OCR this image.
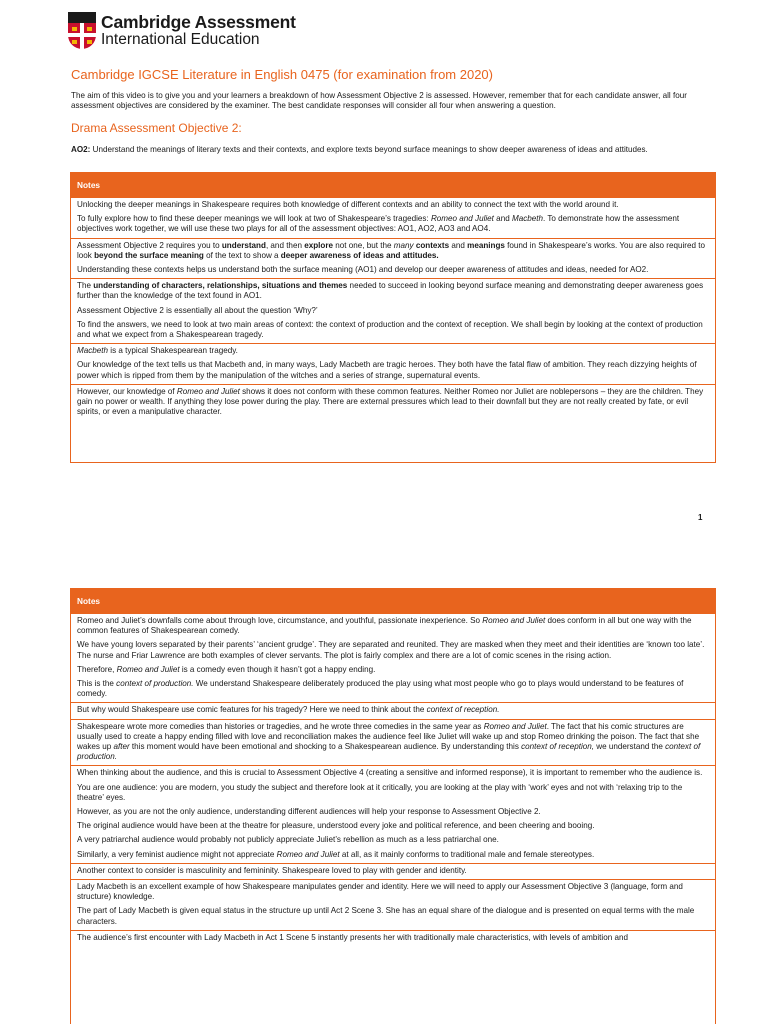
Cambridge Assessment
International Education
Cambridge IGCSE Literature in English 0475 (for examination from 2020)
The aim of this video is to give you and your learners a breakdown of how Assessment Objective 2 is assessed. However, remember that for each candidate answer, all four assessment objectives are considered by the examiner. The best candidate responses will consider all four when answering a question.
Drama Assessment Objective 2:
AO2: Understand the meanings of literary texts and their contexts, and explore texts beyond surface meanings to show deeper awareness of ideas and attitudes.
Notes

Unlocking the deeper meanings in Shakespeare requires both knowledge of different contexts and an ability to connect the text with the world around it.

To fully explore how to find these deeper meanings we will look at two of Shakespeare’s tragedies: Romeo and Juliet and Macbeth. To demonstrate how the assessment objectives work together, we will use these two plays for all of the assessment objectives: AO1, AO2, AO3 and AO4.

Assessment Objective 2 requires you to understand, and then explore not one, but the many contexts and meanings found in Shakespeare’s works. You are also required to look beyond the surface meaning of the text to show a deeper awareness of ideas and attitudes.

Understanding these contexts helps us understand both the surface meaning (AO1) and develop our deeper awareness of attitudes and ideas, needed for AO2.

The understanding of characters, relationships, situations and themes needed to succeed in looking beyond surface meaning and demonstrating deeper awareness goes further than the knowledge of the text found in AO1.

Assessment Objective 2 is essentially all about the question ‘Why?’

To find the answers, we need to look at two main areas of context: the context of production and the context of reception. We shall begin by looking at the context of production and what we expect from a Shakespearean tragedy.

Macbeth is a typical Shakespearean tragedy.

Our knowledge of the text tells us that Macbeth and, in many ways, Lady Macbeth are tragic heroes. They both have the fatal flaw of ambition. They reach dizzying heights of power which is ripped from them by the manipulation of the witches and a series of strange, supernatural events.

However, our knowledge of Romeo and Juliet shows it does not conform with these common features. Neither Romeo nor Juliet are noblepersons – they are the children. They gain no power or wealth. If anything they lose power during the play. There are external pressures which lead to their downfall but they are not really created by fate, or evil spirits, or even a manipulative character.

1
Notes

Romeo and Juliet’s downfalls come about through love, circumstance, and youthful, passionate inexperience. So Romeo and Juliet does conform in all but one way with the common features of Shakespearean comedy.

We have young lovers separated by their parents’ ‘ancient grudge’. They are separated and reunited. They are masked when they meet and their identities are ‘known too late’. The nurse and Friar Lawrence are both examples of clever servants. The plot is fairly complex and there are a lot of comic scenes in the rising action.

Therefore, Romeo and Juliet is a comedy even though it hasn’t got a happy ending.

This is the context of production. We understand Shakespeare deliberately produced the play using what most people who go to plays would understand to be features of comedy.

But why would Shakespeare use comic features for his tragedy? Here we need to think about the context of reception.

Shakespeare wrote more comedies than histories or tragedies, and he wrote three comedies in the same year as Romeo and Juliet. The fact that his comic structures are usually used to create a happy ending filled with love and reconciliation makes the audience feel like Juliet will wake up and stop Romeo drinking the poison. The fact that she wakes up after this moment would have been emotional and shocking to a Shakespearean audience. By understanding this context of reception, we understand the context of production.

When thinking about the audience, and this is crucial to Assessment Objective 4 (creating a sensitive and informed response), it is important to remember who the audience is.

You are one audience: you are modern, you study the subject and therefore look at it critically, you are looking at the play with ‘work’ eyes and not with ‘relaxing trip to the theatre’ eyes.

However, as you are not the only audience, understanding different audiences will help your response to Assessment Objective 2.

The original audience would have been at the theatre for pleasure, understood every joke and political reference, and been cheering and booing.

A very patriarchal audience would probably not publicly appreciate Juliet’s rebellion as much as a less patriarchal one.

Similarly, a very feminist audience might not appreciate Romeo and Juliet at all, as it mainly conforms to traditional male and female stereotypes.

Another context to consider is masculinity and femininity. Shakespeare loved to play with gender and identity.

Lady Macbeth is an excellent example of how Shakespeare manipulates gender and identity. Here we will need to apply our Assessment Objective 3 (language, form and structure) knowledge.

The part of Lady Macbeth is given equal status in the structure up until Act 2 Scene 3. She has an equal share of the dialogue and is presented on equal terms with the male characters.

The audience’s first encounter with Lady Macbeth in Act 1 Scene 5 instantly presents her with traditionally male characteristics, with levels of ambition and
